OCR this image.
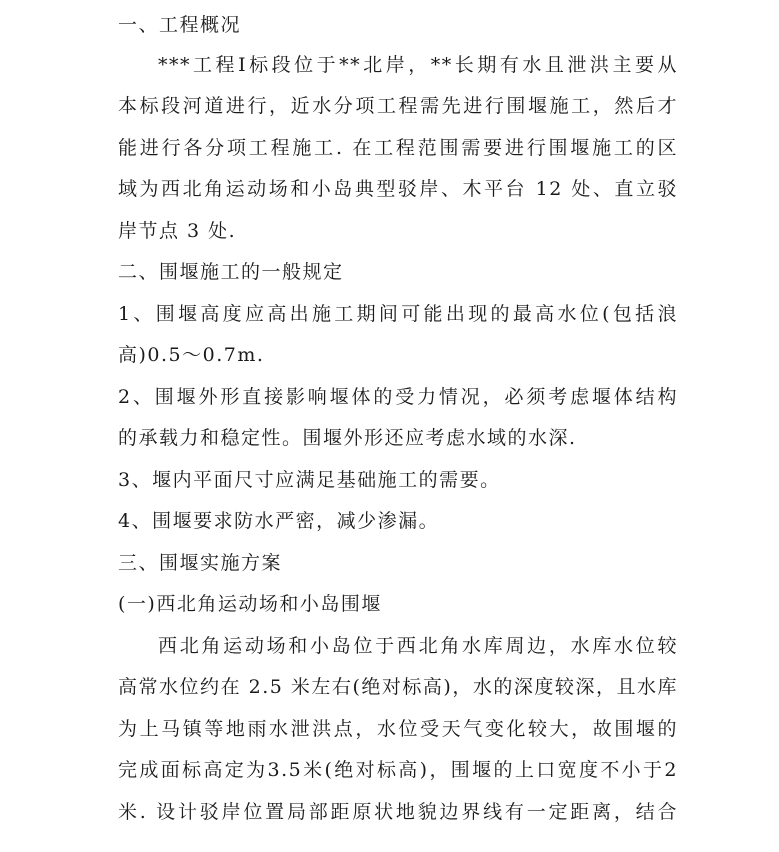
一、工程概况
***工程Ⅰ标段位于**北岸，**长期有水且泄洪主要从
本标段河道进行，近水分项工程需先进行围堰施工，然后才
能进行各分项工程施工. 在工程范围需要进行围堰施工的区
域为西北角运动场和小岛典型驳岸、木平台 12 处、直立驳
岸节点 3 处.
二、围堰施工的一般规定
1、围堰高度应高出施工期间可能出现的最高水位(包括浪
高)0.5～0.7m.
2、围堰外形直接影响堰体的受力情况，必须考虑堰体结构
的承载力和稳定性。围堰外形还应考虑水域的水深.
3、堰内平面尺寸应满足基础施工的需要。
4、围堰要求防水严密，减少渗漏。
三、围堰实施方案
(一)西北角运动场和小岛围堰
西北角运动场和小岛位于西北角水库周边，水库水位较
高常水位约在 2.5 米左右(绝对标高)，水的深度较深，且水库
为上马镇等地雨水泄洪点，水位受天气变化较大，故围堰的
完成面标高定为3.5米(绝对标高)，围堰的上口宽度不小于2
米. 设计驳岸位置局部距原状地貌边界线有一定距离，结合
